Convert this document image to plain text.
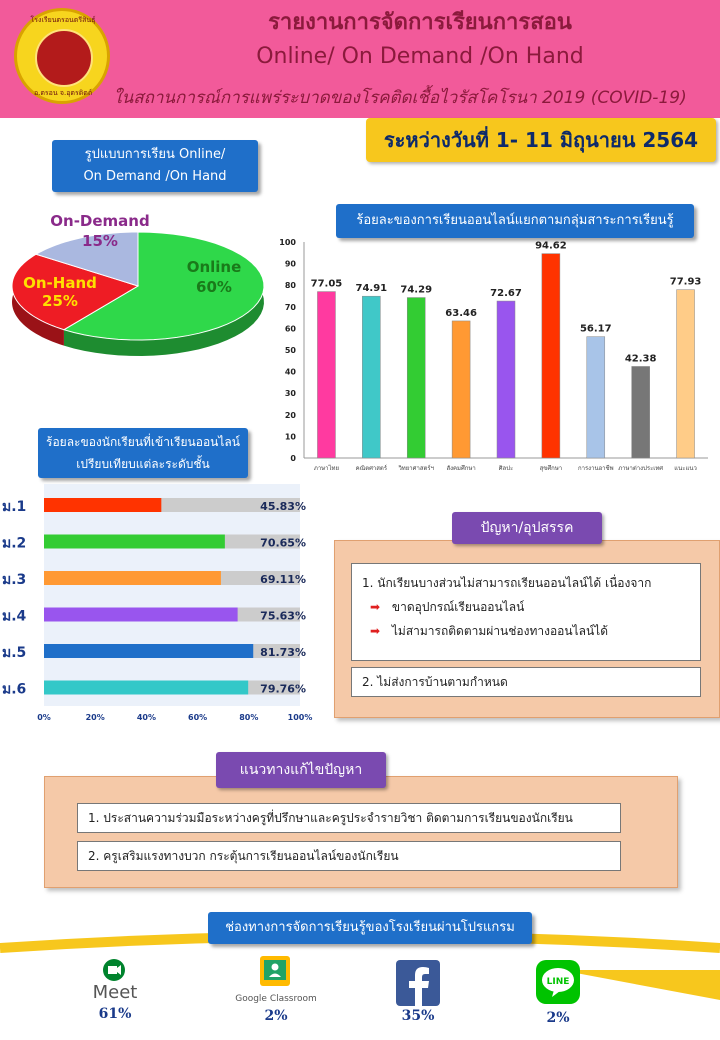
โรงเรียนตรอนตรีสินธุ์
อ.ตรอน จ.อุตรดิตถ์
รายงานการจัดการเรียนการสอน
Online/ On Demand /On Hand
ในสถานการณ์การแพร่ระบาดของโรคติดเชื้อไวรัสโคโรนา 2019 (COVID-19)
ระหว่างวันที่ 1- 11 มิถุนายน 2564
รูปแบบการเรียน Online/
On Demand /On Hand
Online
60%
On-Hand
25%
On-Demand
15%
ร้อยละของการเรียนออนไลน์แยกตามกลุ่มสาระการเรียนรู้
0
10
20
30
40
50
60
70
80
90
100
77.05
ภาษาไทย
74.91
คณิตศาสตร์
74.29
วิทยาศาสตร์ฯ
63.46
สังคมศึกษา
72.67
ศิลปะ
94.62
สุขศึกษา
56.17
การงานอาชีพ
42.38
ภาษาต่างประเทศ
77.93
แนะแนว
ร้อยละของนักเรียนที่เข้าเรียนออนไลน์
เปรียบเทียบแต่ละระดับชั้น
ม.1	45.83%
ม.2	70.65%
ม.3	69.11%
ม.4	75.63%
ม.5	81.73%
ม.6	79.76%
0%	20%	40%	60%	80%	100%
1. นักเรียนบางส่วนไม่สามารถเรียนออนไลน์ได้ เนื่องจาก
➡ ขาดอุปกรณ์เรียนออนไลน์
➡ ไม่สามารถติดตามผ่านช่องทางออนไลน์ได้
2. ไม่ส่งการบ้านตามกำหนด
ปัญหา/อุปสรรค
1. ประสานความร่วมมือระหว่างครูที่ปรึกษาและครูประจำรายวิชา ติดตามการเรียนของนักเรียน
2. ครูเสริมแรงทางบวก กระตุ้นการเรียนออนไลน์ของนักเรียน
แนวทางแก้ไขปัญหา
ช่องทางการจัดการเรียนรู้ของโรงเรียนผ่านโปรแกรม
Meet
61%
Google Classroom
2%	35%
LINE
2%
